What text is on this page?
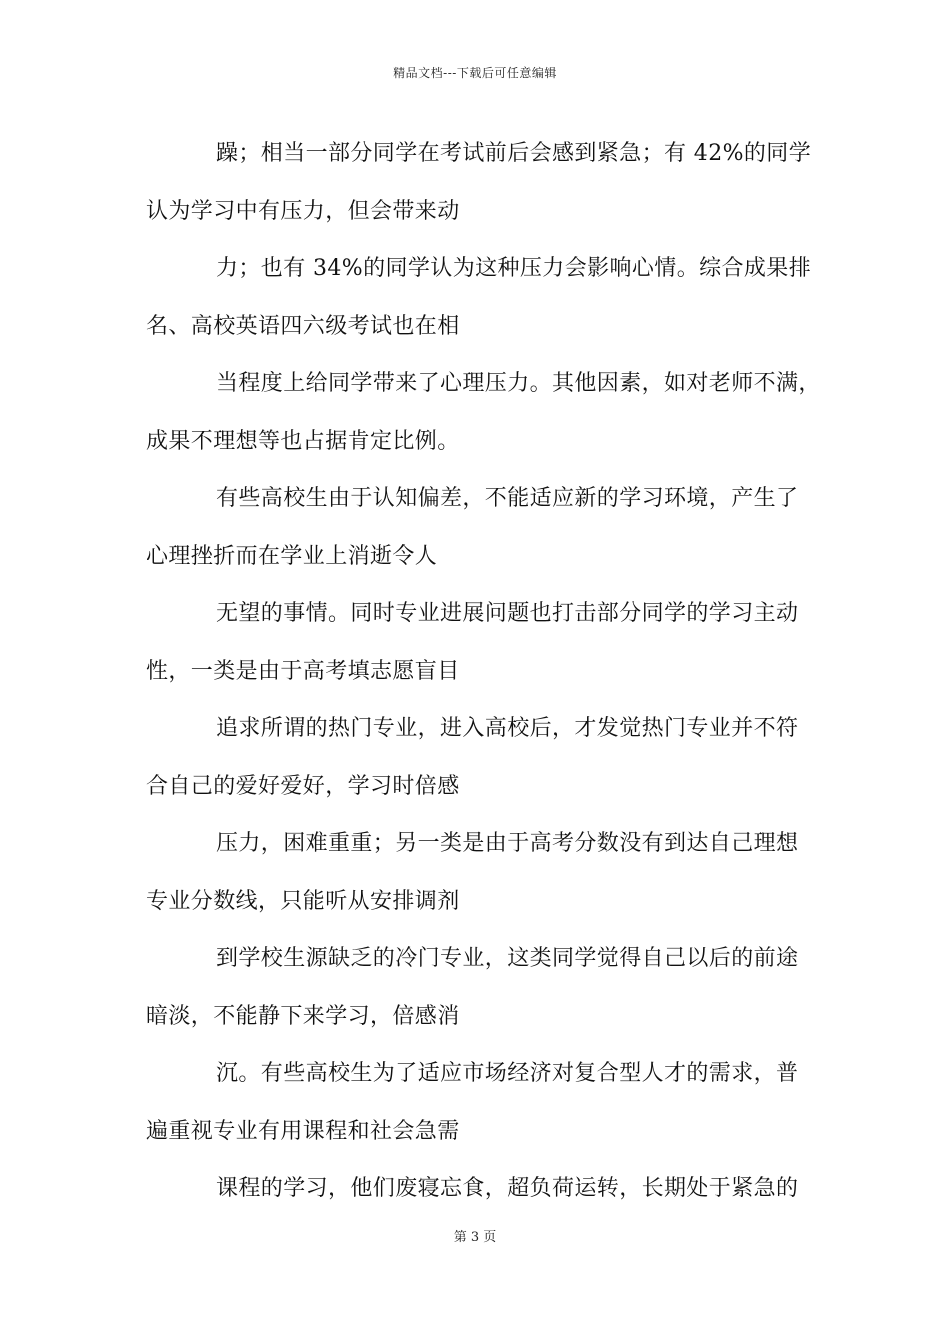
精品文档---下载后可任意编辑
躁；相当一部分同学在考试前后会感到紧急；有 42%的同学
认为学习中有压力，但会带来动
力；也有 34%的同学认为这种压力会影响心情。综合成果排
名、高校英语四六级考试也在相
当程度上给同学带来了心理压力。其他因素，如对老师不满，
成果不理想等也占据肯定比例。
有些高校生由于认知偏差，不能适应新的学习环境，产生了
心理挫折而在学业上消逝令人
无望的事情。同时专业进展问题也打击部分同学的学习主动
性，一类是由于高考填志愿盲目
追求所谓的热门专业，进入高校后，才发觉热门专业并不符
合自己的爱好爱好，学习时倍感
压力，困难重重；另一类是由于高考分数没有到达自己理想
专业分数线，只能听从安排调剂
到学校生源缺乏的冷门专业，这类同学觉得自己以后的前途
暗淡，不能静下来学习，倍感消
沉。有些高校生为了适应市场经济对复合型人才的需求，普
遍重视专业有用课程和社会急需
课程的学习，他们废寝忘食，超负荷运转，长期处于紧急的
第 3 页
